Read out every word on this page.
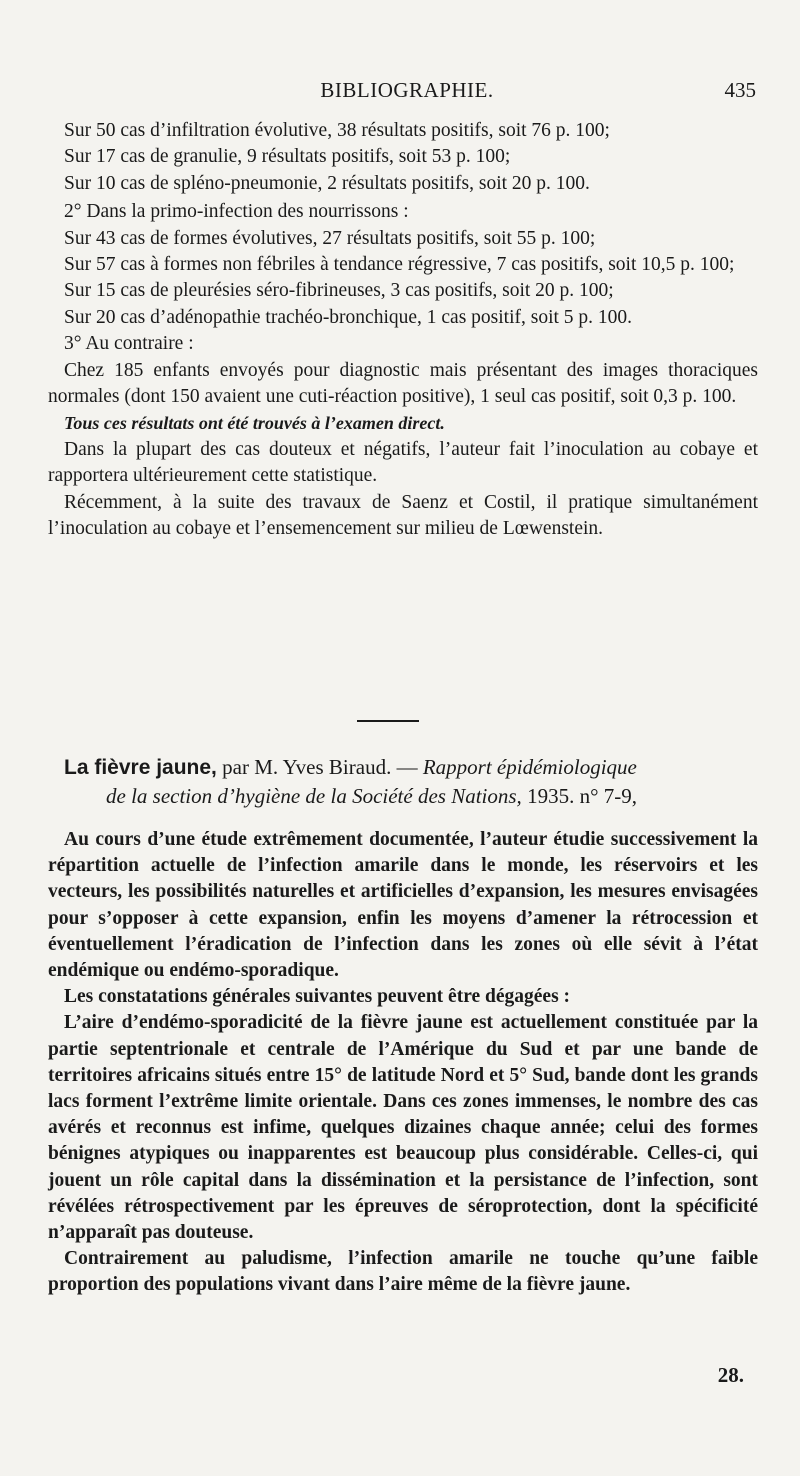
BIBLIOGRAPHIE.	435

Sur 50 cas d’infiltration évolutive, 38 résultats positifs, soit 76 p. 100;

Sur 17 cas de granulie, 9 résultats positifs, soit 53 p. 100;

Sur 10 cas de spléno-pneumonie, 2 résultats positifs, soit 20 p. 100.

2° Dans la primo-infection des nourrissons :

Sur 43 cas de formes évolutives, 27 résultats positifs, soit 55 p. 100;

Sur 57 cas à formes non fébriles à tendance régressive, 7 cas positifs, soit 10,5 p. 100;

Sur 15 cas de pleurésies séro-fibrineuses, 3 cas positifs, soit 20 p. 100;

Sur 20 cas d’adénopathie trachéo-bronchique, 1 cas positif, soit 5 p. 100.

3° Au contraire :

Chez 185 enfants envoyés pour diagnostic mais présentant des images thoraciques normales (dont 150 avaient une cuti-réaction positive), 1 seul cas positif, soit 0,3 p. 100.

Tous ces résultats ont été trouvés à l’examen direct.

Dans la plupart des cas douteux et négatifs, l’auteur fait l’inoculation au cobaye et rapportera ultérieurement cette statistique.

Récemment, à la suite des travaux de Saenz et Costil, il pratique simultanément l’inoculation au cobaye et l’ensemencement sur milieu de Lœwenstein.

La fièvre jaune, par M. Yves Biraud. — Rapport épidémiologique
de la section d’hygiène de la Société des Nations, 1935. n° 7-9,

Au cours d’une étude extrêmement documentée, l’auteur étudie successivement la répartition actuelle de l’infection amarile dans le monde, les réservoirs et les vecteurs, les possibilités naturelles et artificielles d’expansion, les mesures envisagées pour s’opposer à cette expansion, enfin les moyens d’amener la rétrocession et éventuellement l’éradication de l’infection dans les zones où elle sévit à l’état endémique ou endémo-sporadique.

Les constatations générales suivantes peuvent être dégagées :

L’aire d’endémo-sporadicité de la fièvre jaune est actuellement constituée par la partie septentrionale et centrale de l’Amérique du Sud et par une bande de territoires africains situés entre 15° de latitude Nord et 5° Sud, bande dont les grands lacs forment l’extrême limite orientale. Dans ces zones immenses, le nombre des cas avérés et reconnus est infime, quelques dizaines chaque année; celui des formes bénignes atypiques ou inapparentes est beaucoup plus considérable. Celles-ci, qui jouent un rôle capital dans la dissémination et la persistance de l’infection, sont révélées rétrospectivement par les épreuves de séroprotection, dont la spécificité n’apparaît pas douteuse.

Contrairement au paludisme, l’infection amarile ne touche qu’une faible proportion des populations vivant dans l’aire même de la fièvre jaune.

28.
